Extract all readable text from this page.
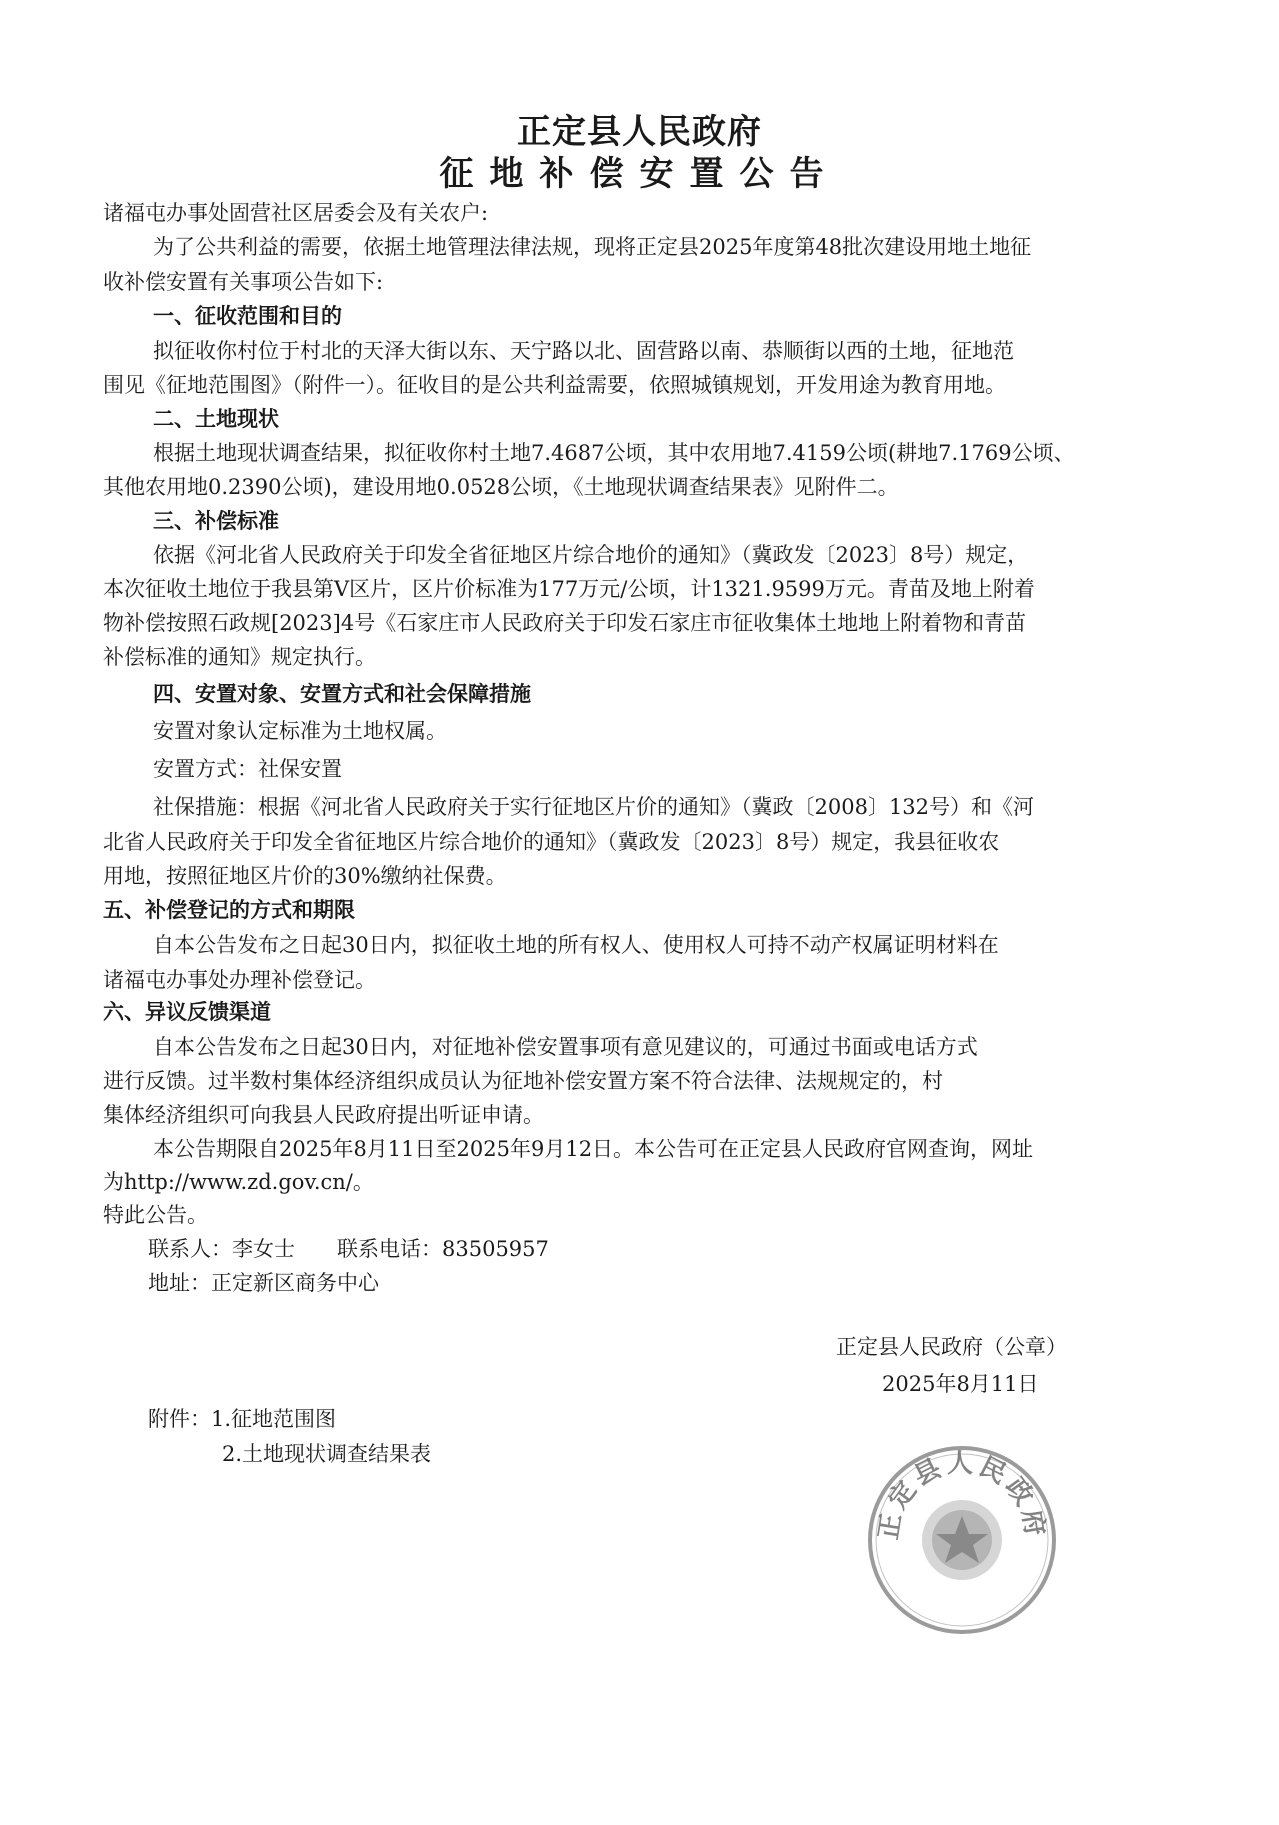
正定县人民政府
征地补偿安置公告
诸福屯办事处固营社区居委会及有关农户:
为了公共利益的需要，依据土地管理法律法规，现将正定县2025年度第48批次建设用地土地征
收补偿安置有关事项公告如下:
一、征收范围和目的
拟征收你村位于村北的天泽大街以东、天宁路以北、固营路以南、恭顺街以西的土地，征地范
围见《征地范围图》（附件一）。征收目的是公共利益需要，依照城镇规划，开发用途为教育用地。
二、土地现状
根据土地现状调查结果，拟征收你村土地7.4687公顷，其中农用地7.4159公顷(耕地7.1769公顷、
其他农用地0.2390公顷)，建设用地0.0528公顷，《土地现状调查结果表》见附件二。
三、补偿标准
依据《河北省人民政府关于印发全省征地区片综合地价的通知》（冀政发〔2023〕8号）规定，
本次征收土地位于我县第Ⅴ区片，区片价标准为177万元/公顷，计1321.9599万元。青苗及地上附着
物补偿按照石政规[2023]4号《石家庄市人民政府关于印发石家庄市征收集体土地地上附着物和青苗
补偿标准的通知》规定执行。
四、安置对象、安置方式和社会保障措施
安置对象认定标准为土地权属。
安置方式：社保安置
社保措施：根据《河北省人民政府关于实行征地区片价的通知》（冀政〔2008〕132号）和《河
北省人民政府关于印发全省征地区片综合地价的通知》（冀政发〔2023〕8号）规定，我县征收农
用地，按照征地区片价的30%缴纳社保费。
五、补偿登记的方式和期限
自本公告发布之日起30日内，拟征收土地的所有权人、使用权人可持不动产权属证明材料在
诸福屯办事处办理补偿登记。
六、异议反馈渠道
自本公告发布之日起30日内，对征地补偿安置事项有意见建议的，可通过书面或电话方式
进行反馈。过半数村集体经济组织成员认为征地补偿安置方案不符合法律、法规规定的，村
集体经济组织可向我县人民政府提出听证申请。
本公告期限自2025年8月11日至2025年9月12日。本公告可在正定县人民政府官网查询，网址
为http://www.zd.gov.cn/。
特此公告。
联系人：李女士　　联系电话：83505957
地址：正定新区商务中心
正定县人民政府
正定县人民政府（公章）
2025年8月11日
附件：1.征地范围图
2.土地现状调查结果表
